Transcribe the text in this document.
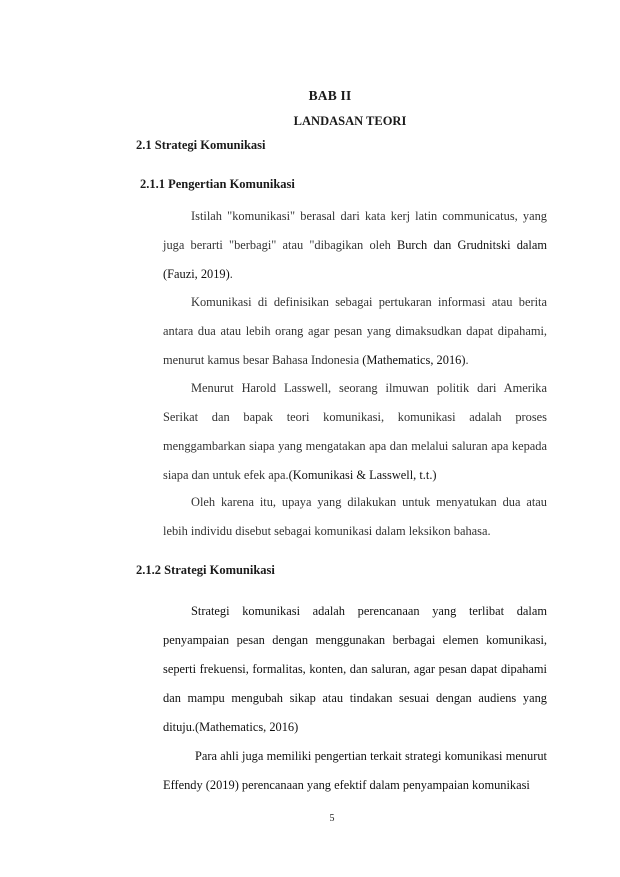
BAB II
LANDASAN TEORI
2.1 Strategi Komunikasi
2.1.1 Pengertian Komunikasi
Istilah "komunikasi" berasal dari kata kerj latin communicatus, yang juga berarti "berbagi" atau "dibagikan oleh Burch dan Grudnitski dalam (Fauzi, 2019).
Komunikasi di definisikan sebagai pertukaran informasi atau berita antara dua atau lebih orang agar pesan yang dimaksudkan dapat dipahami, menurut kamus besar Bahasa Indonesia (Mathematics, 2016).
Menurut Harold Lasswell, seorang ilmuwan politik dari Amerika Serikat dan bapak teori komunikasi, komunikasi adalah proses menggambarkan siapa yang mengatakan apa dan melalui saluran apa kepada siapa dan untuk efek apa.(Komunikasi & Lasswell, t.t.)
Oleh karena itu, upaya yang dilakukan untuk menyatukan dua atau lebih individu disebut sebagai komunikasi dalam leksikon bahasa.
2.1.2 Strategi Komunikasi
Strategi komunikasi adalah perencanaan yang terlibat dalam penyampaian pesan dengan menggunakan berbagai elemen komunikasi, seperti frekuensi, formalitas, konten, dan saluran, agar pesan dapat dipahami dan mampu mengubah sikap atau tindakan sesuai dengan audiens yang dituju.(Mathematics, 2016)
Para ahli juga memiliki pengertian terkait strategi komunikasi menurut Effendy (2019) perencanaan yang efektif dalam penyampaian komunikasi
5
